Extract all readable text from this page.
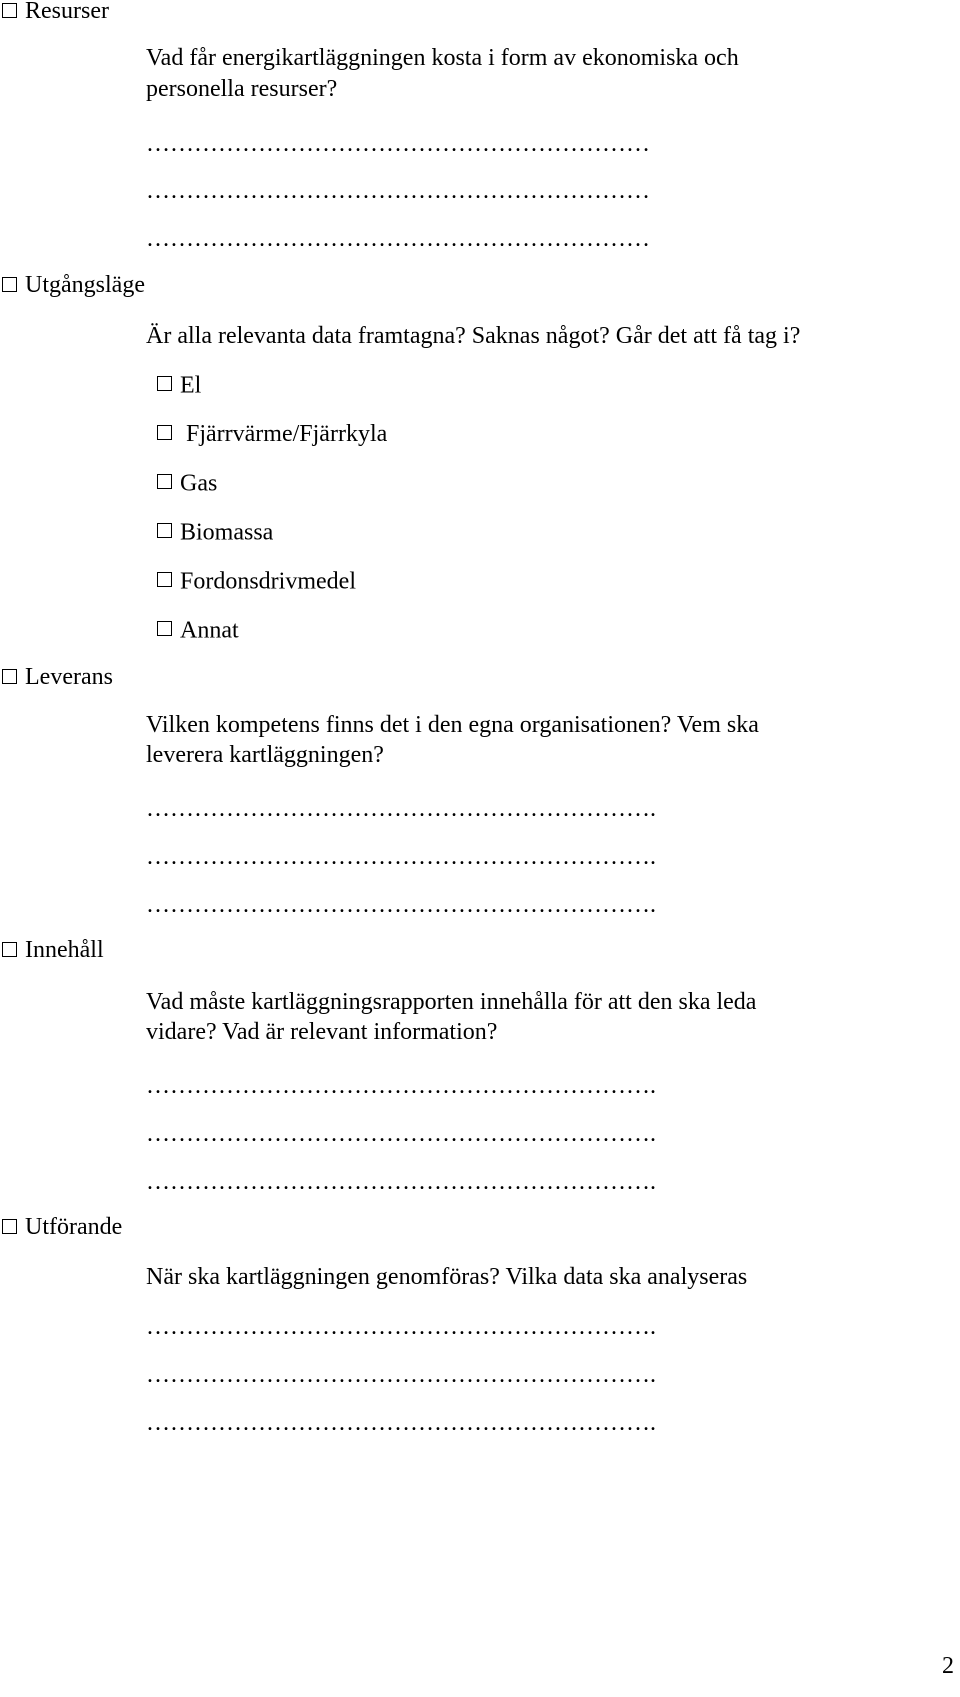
Resurser
Vad får energikartläggningen kosta i form av ekonomiska och
personella resurser?
………………………………………………………
………………………………………………………
………………………………………………………
Utgångsläge
Är alla relevanta data framtagna? Saknas något? Går det att få tag i?
El
Fjärrvärme/Fjärrkyla
Gas
Biomassa
Fordonsdrivmedel
Annat
Leverans
Vilken kompetens finns det i den egna organisationen? Vem ska
leverera kartläggningen?
……………………………………………………….
……………………………………………………….
……………………………………………………….
Innehåll
Vad måste kartläggningsrapporten innehålla för att den ska leda
vidare? Vad är relevant information?
……………………………………………………….
……………………………………………………….
……………………………………………………….
Utförande
När ska kartläggningen genomföras? Vilka data ska analyseras
……………………………………………………….
……………………………………………………….
……………………………………………………….
2
